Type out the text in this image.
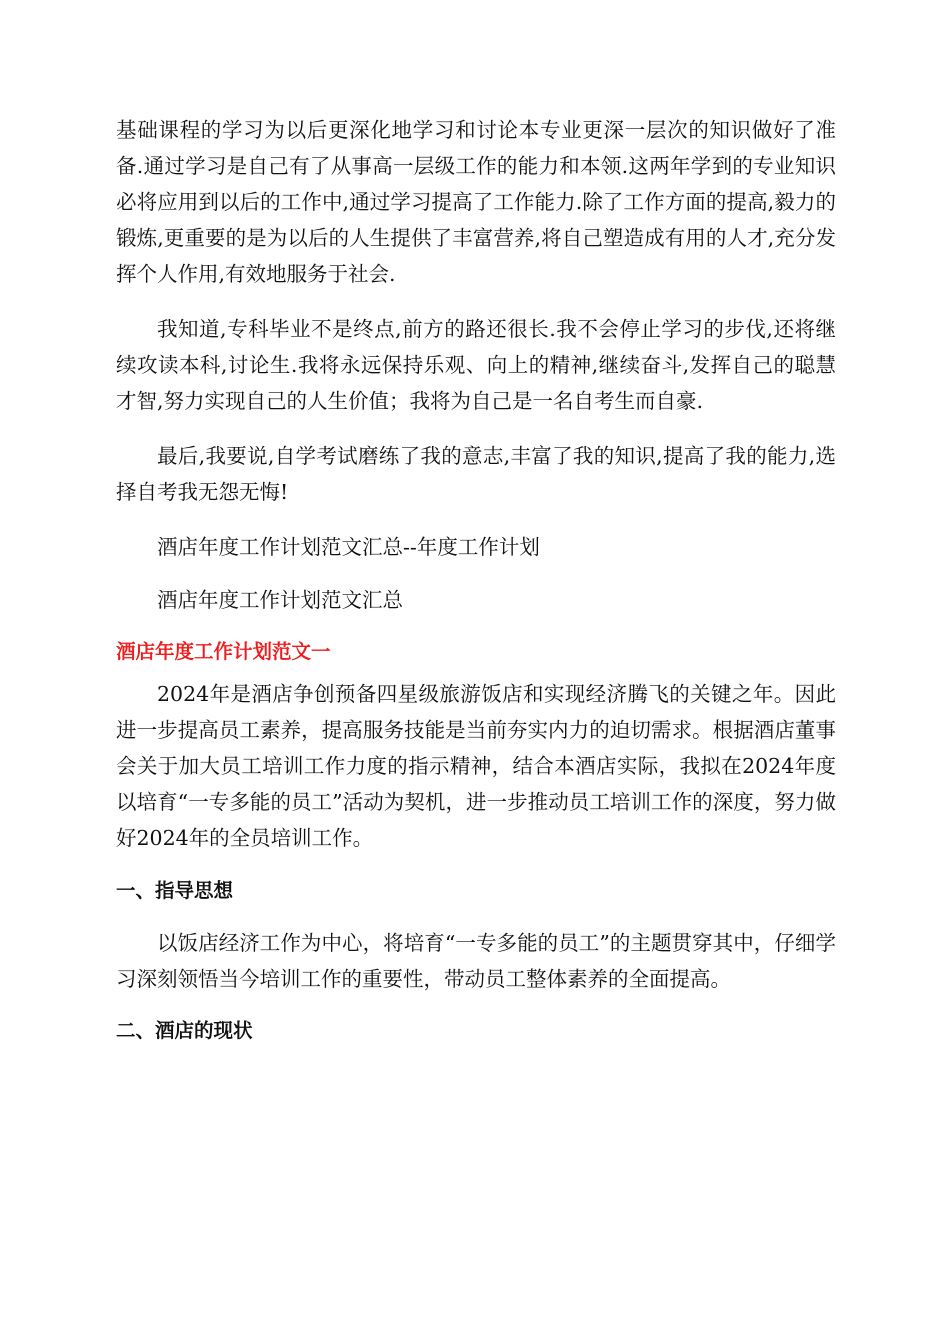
基础课程的学习为以后更深化地学习和讨论本专业更深一层次的知识做好了准备.通过学习是自己有了从事高一层级工作的能力和本领.这两年学到的专业知识必将应用到以后的工作中,通过学习提高了工作能力.除了工作方面的提高,毅力的锻炼,更重要的是为以后的人生提供了丰富营养,将自己塑造成有用的人才,充分发挥个人作用,有效地服务于社会.

我知道,专科毕业不是终点,前方的路还很长.我不会停止学习的步伐,还将继续攻读本科,讨论生.我将永远保持乐观、向上的精神,继续奋斗,发挥自己的聪慧才智,努力实现自己的人生价值；我将为自己是一名自考生而自豪.

最后,我要说,自学考试磨练了我的意志,丰富了我的知识,提高了我的能力,选择自考我无怨无悔!

酒店年度工作计划范文汇总--年度工作计划

酒店年度工作计划范文汇总

酒店年度工作计划范文一

2024年是酒店争创预备四星级旅游饭店和实现经济腾飞的关键之年。因此进一步提高员工素养，提高服务技能是当前夯实内力的迫切需求。根据酒店董事会关于加大员工培训工作力度的指示精神，结合本酒店实际，我拟在2024年度以培育“一专多能的员工”活动为契机，进一步推动员工培训工作的深度，努力做好2024年的全员培训工作。

一、指导思想

以饭店经济工作为中心，将培育“一专多能的员工”的主题贯穿其中，仔细学习深刻领悟当今培训工作的重要性，带动员工整体素养的全面提高。

二、酒店的现状
